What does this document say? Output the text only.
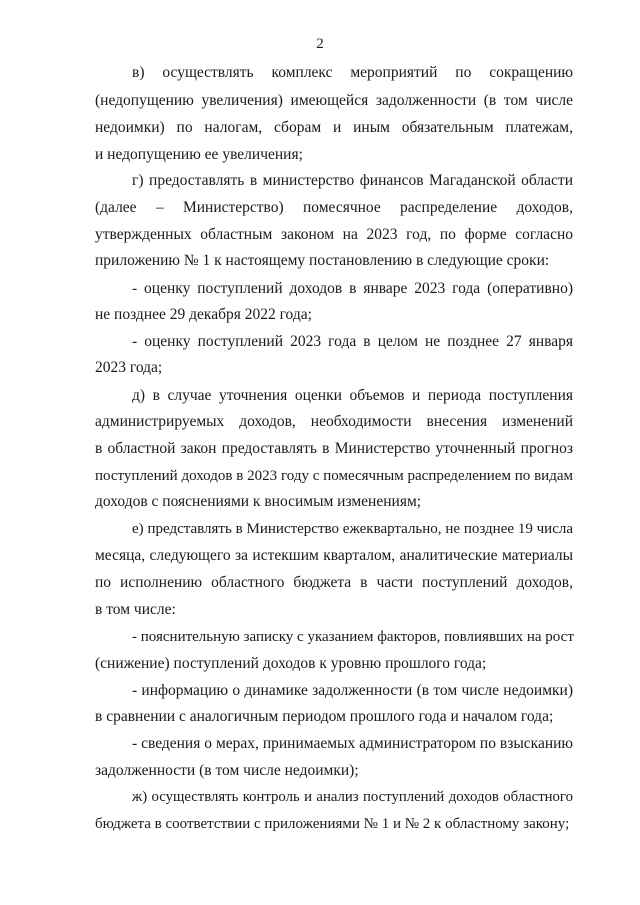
2
в) осуществлять комплекс мероприятий по сокращению
(недопущению увеличения) имеющейся задолженности (в том числе
недоимки) по налогам, сборам и иным обязательным платежам,
и недопущению ее увеличения;
г) предоставлять в министерство финансов Магаданской области
(далее – Министерство) помесячное распределение доходов,
утвержденных областным законом на 2023 год, по форме согласно
приложению № 1 к настоящему постановлению в следующие сроки:
- оценку поступлений доходов в январе 2023 года (оперативно)
не позднее 29 декабря 2022 года;
- оценку поступлений 2023 года в целом не позднее 27 января
2023 года;
д) в случае уточнения оценки объемов и периода поступления
администрируемых доходов, необходимости внесения изменений
в областной закон предоставлять в Министерство уточненный прогноз
поступлений доходов в 2023 году с помесячным распределением по видам
доходов с пояснениями к вносимым изменениям;
е) представлять в Министерство ежеквартально, не позднее 19 числа
месяца, следующего за истекшим кварталом, аналитические материалы
по исполнению областного бюджета в части поступлений доходов,
в том числе:
- пояснительную записку с указанием факторов, повлиявших на рост
(снижение) поступлений доходов к уровню прошлого года;
- информацию о динамике задолженности (в том числе недоимки)
в сравнении с аналогичным периодом прошлого года и началом года;
- сведения о мерах, принимаемых администратором по взысканию
задолженности (в том числе недоимки);
ж) осуществлять контроль и анализ поступлений доходов областного
бюджета в соответствии с приложениями № 1 и № 2 к областному закону;
